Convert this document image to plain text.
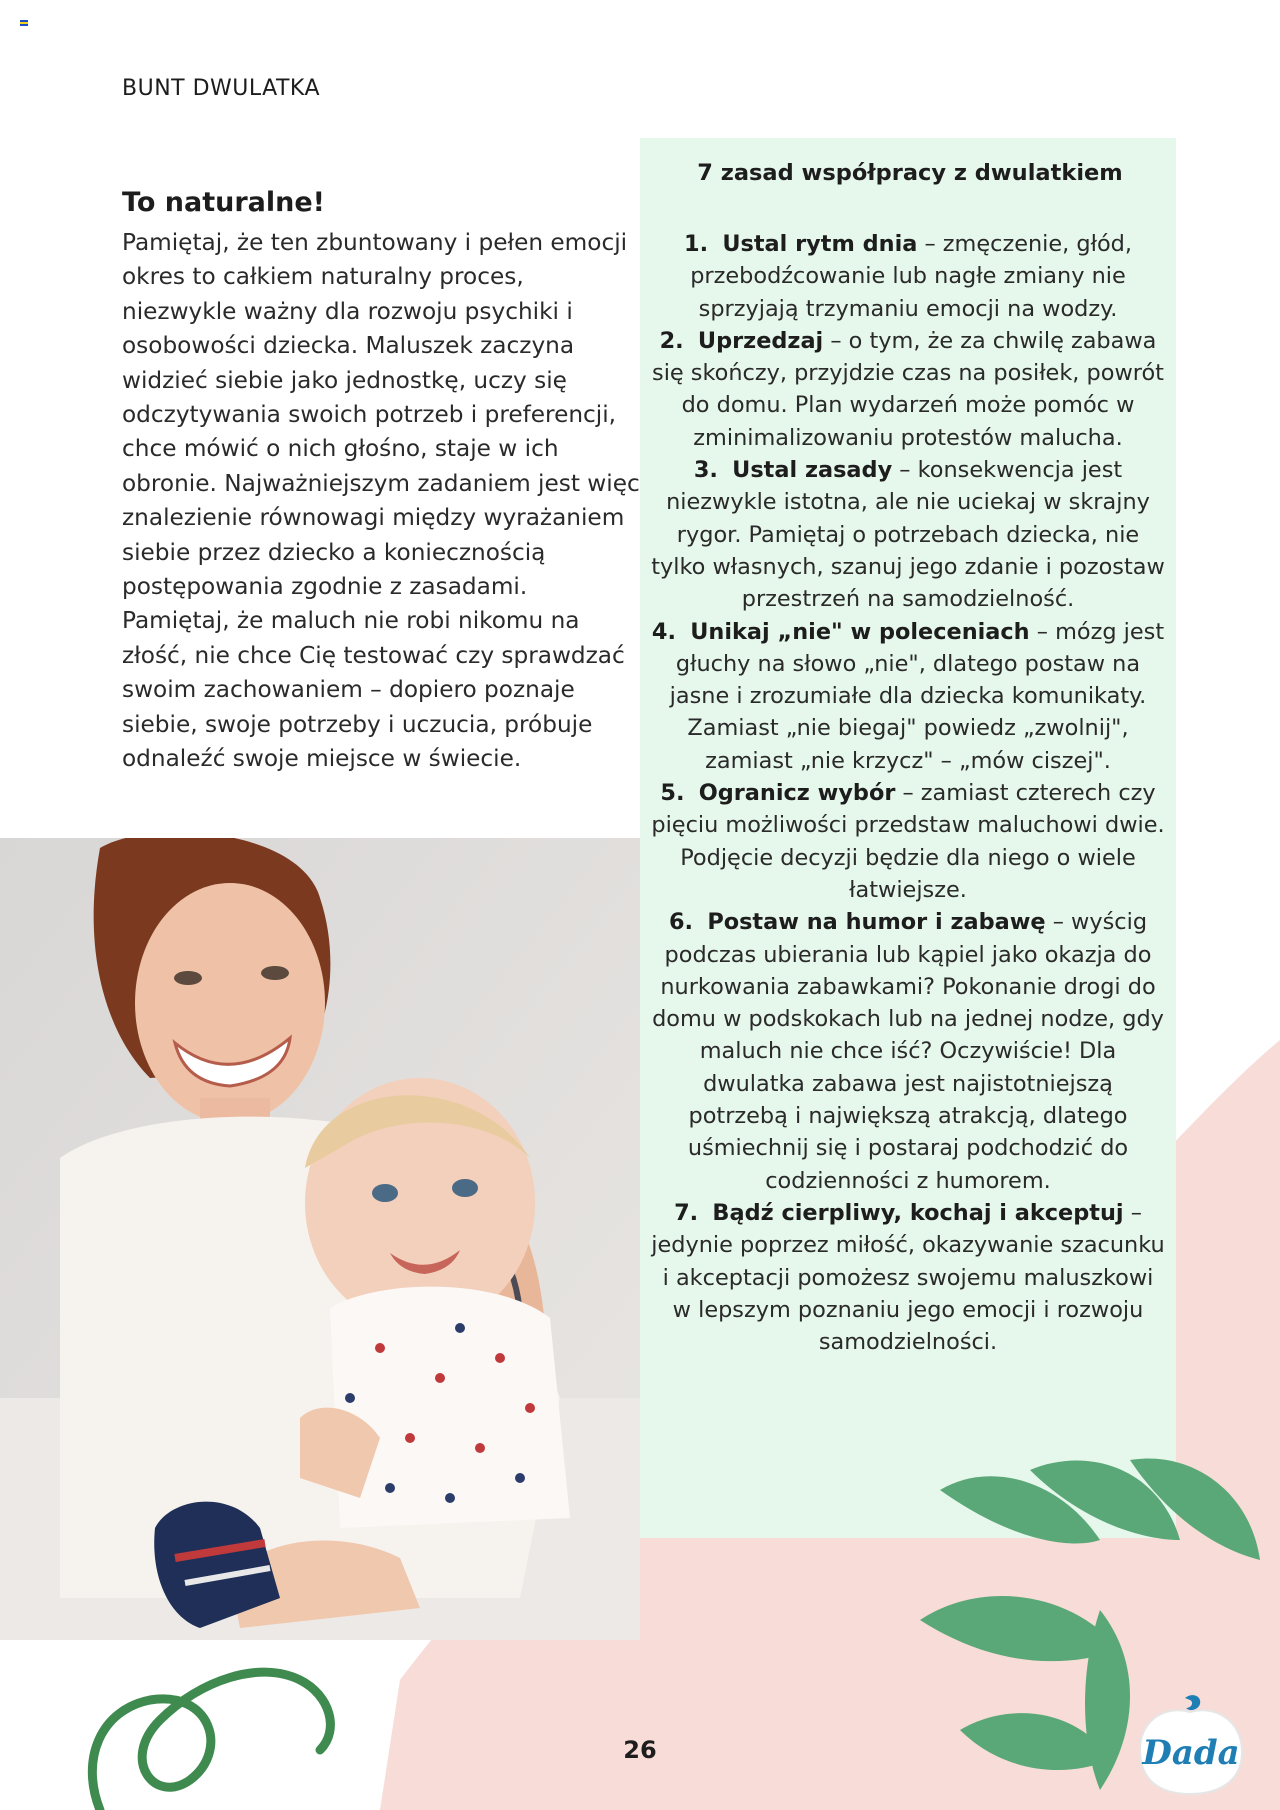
BUNT DWULATKA
To naturalne!

Pamiętaj, że ten zbuntowany i pełen emocji okres to całkiem naturalny proces, niezwykle ważny dla rozwoju psychiki i osobowości dziecka. Maluszek zaczyna widzieć siebie jako jednostkę, uczy się odczytywania swoich potrzeb i preferencji, chce mówić o nich głośno, staje w ich obronie. Najważniejszym zadaniem jest więc znalezienie równowagi między wyrażaniem siebie przez dziecko a koniecznością postępowania zgodnie z zasadami. Pamiętaj, że maluch nie robi nikomu na złość, nie chce Cię testować czy sprawdzać swoim zachowaniem – dopiero poznaje siebie, swoje potrzeby i uczucia, próbuje odnaleźć swoje miejsce w świecie.

7 zasad współpracy z dwulatkiem
1. Ustal rytm dnia – zmęczenie, głód, przebodźcowanie lub nagłe zmiany nie sprzyjają trzymaniu emocji na wodzy.
2. Uprzedzaj – o tym, że za chwilę zabawa się skończy, przyjdzie czas na posiłek, powrót do domu. Plan wydarzeń może pomóc w zminimalizowaniu protestów malucha.
3. Ustal zasady – konsekwencja jest niezwykle istotna, ale nie uciekaj w skrajny rygor. Pamiętaj o potrzebach dziecka, nie tylko własnych, szanuj jego zdanie i pozostaw przestrzeń na samodzielność.
4. Unikaj „nie" w poleceniach – mózg jest głuchy na słowo „nie", dlatego postaw na jasne i zrozumiałe dla dziecka komunikaty. Zamiast „nie biegaj" powiedz „zwolnij", zamiast „nie krzycz" – „mów ciszej".
5. Ogranicz wybór – zamiast czterech czy pięciu możliwości przedstaw maluchowi dwie. Podjęcie decyzji będzie dla niego o wiele łatwiejsze.
6. Postaw na humor i zabawę – wyścig podczas ubierania lub kąpiel jako okazja do nurkowania zabawkami? Pokonanie drogi do domu w podskokach lub na jednej nodze, gdy maluch nie chce iść? Oczywiście! Dla dwulatka zabawa jest najistotniejszą potrzebą i największą atrakcją, dlatego uśmiechnij się i postaraj podchodzić do codzienności z humorem.
7. Bądź cierpliwy, kochaj i akceptuj – jedynie poprzez miłość, okazywanie szacunku i akceptacji pomożesz swojemu maluszkowi w lepszym poznaniu jego emocji i rozwoju samodzielności.
26	Dada
